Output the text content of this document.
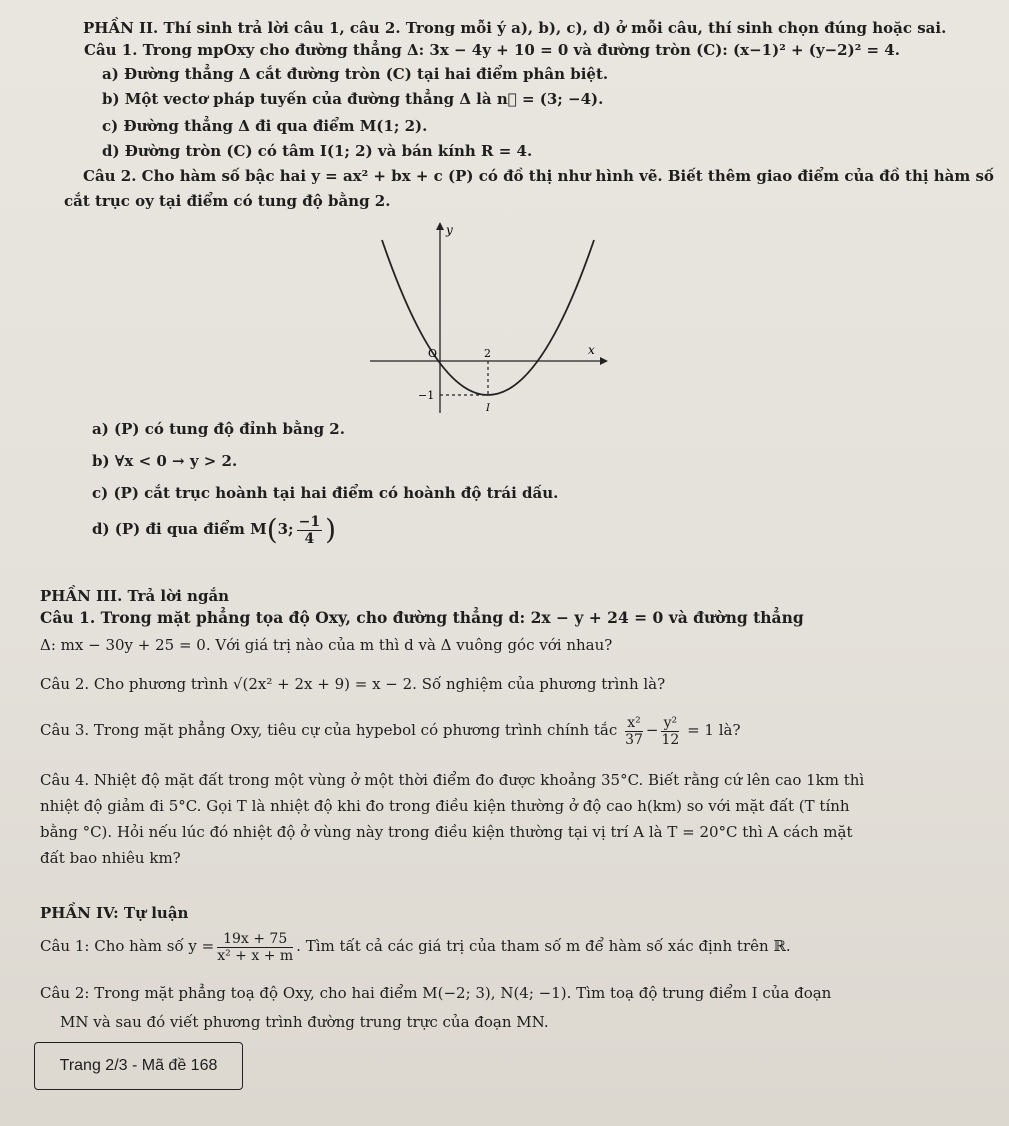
PHẦN II. Thí sinh trả lời câu 1, câu 2. Trong mỗi ý a), b), c), d) ở mỗi câu, thí sinh chọn đúng hoặc sai.
Câu 1. Trong mpOxy cho đường thẳng Δ: 3x − 4y + 10 = 0 và đường tròn (C): (x−1)² + (y−2)² = 4.
a) Đường thẳng Δ cắt đường tròn (C) tại hai điểm phân biệt.
b) Một vectơ pháp tuyến của đường thẳng Δ là n⃗ = (3; −4).
c) Đường thẳng Δ đi qua điểm M(1; 2).
d) Đường tròn (C) có tâm I(1; 2) và bán kính R = 4.
Câu 2. Cho hàm số bậc hai y = ax² + bx + c (P) có đồ thị như hình vẽ. Biết thêm giao điểm của đồ thị hàm số
cắt trục oy tại điểm có tung độ bằng 2.
y
x
O	2
−1
I
a) (P) có tung độ đỉnh bằng 2.
b) ∀x < 0 → y > 2.
c) (P) cắt trục hoành tại hai điểm có hoành độ trái dấu.
d) (P) đi qua điểm M(3; $\frac{-1}{4}$ )
PHẦN III. Trả lời ngắn
Câu 1. Trong mặt phẳng tọa độ Oxy, cho đường thẳng d: 2x − y + 24 = 0 và đường thẳng
Δ: mx − 30y + 25 = 0. Với giá trị nào của m thì d và Δ vuông góc với nhau?
Câu 2. Cho phương trình √(2x² + 2x + 9) = x − 2. Số nghiệm của phương trình là?
Câu 3. Trong mặt phẳng Oxy, tiêu cự của hypebol có phương trình chính tắc $\frac{\text{x²}}{37} - \frac{\text{y²}}{12} = 1$ là?
Câu 4. Nhiệt độ mặt đất trong một vùng ở một thời điểm đo được khoảng 35°C. Biết rằng cứ lên cao 1km thì
nhiệt độ giảm đi 5°C. Gọi T là nhiệt độ khi đo trong điều kiện thường ở độ cao h(km) so với mặt đất (T tính
bằng °C). Hỏi nếu lúc đó nhiệt độ ở vùng này trong điều kiện thường tại vị trí A là T = 20°C thì A cách mặt
đất bao nhiêu km?
PHẦN IV: Tự luận
Câu 1: Cho hàm số $y = \frac{19x + 75}{\text{x² + x + m}}$ . Tìm tất cả các giá trị của tham số m để hàm số xác định trên ℝ.
Câu 2: Trong mặt phẳng toạ độ Oxy, cho hai điểm M(−2; 3), N(4; −1). Tìm toạ độ trung điểm I của đoạn
MN và sau đó viết phương trình đường trung trực của đoạn MN.
Trang 2/3 - Mã đề 168
